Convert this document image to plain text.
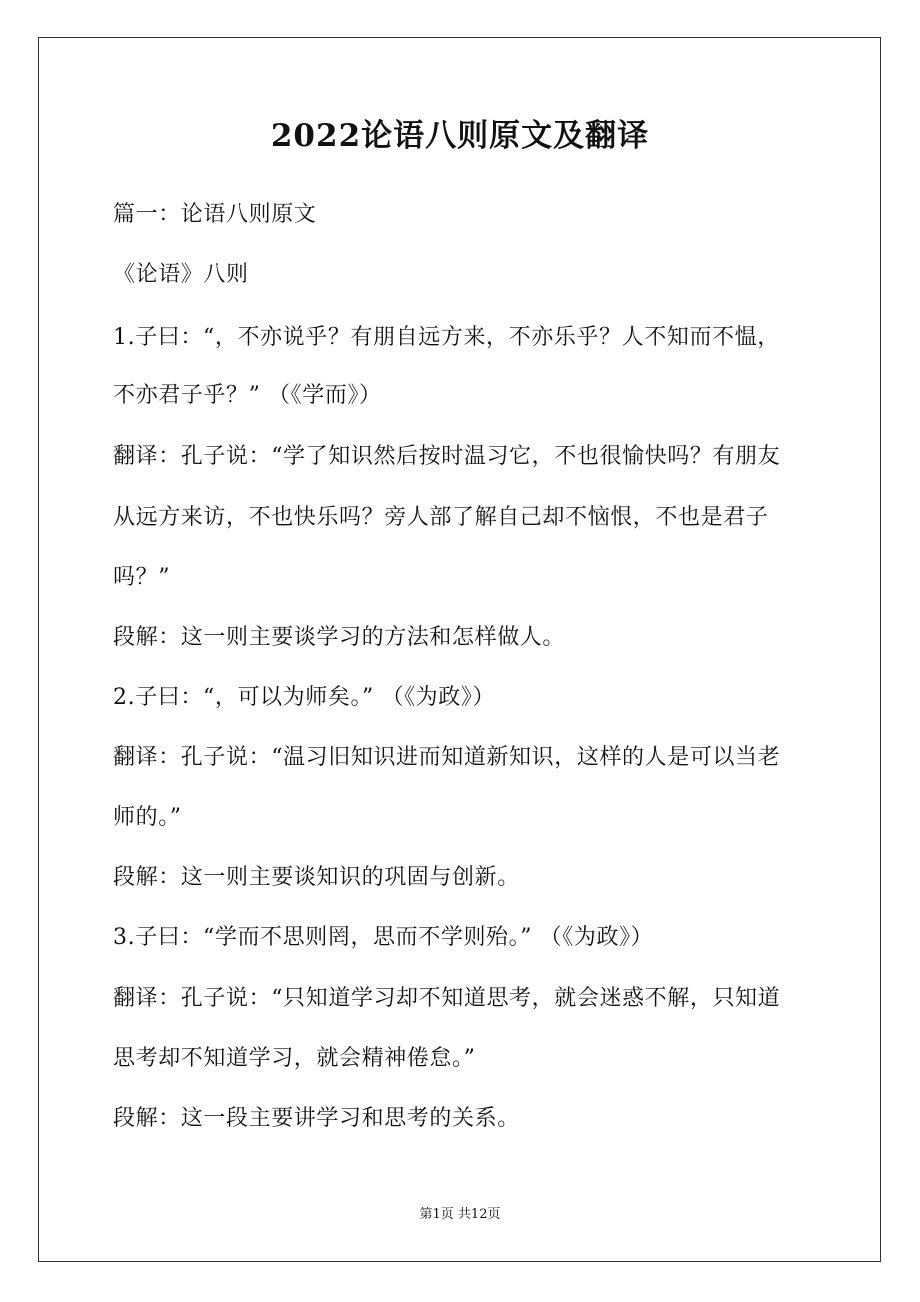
2022论语八则原文及翻译
篇一：论语八则原文
《论语》八则
1.子曰：“，不亦说乎？有朋自远方来，不亦乐乎？人不知而不愠，
不亦君子乎？” （《学而》）
翻译：孔子说：“学了知识然后按时温习它，不也很愉快吗？有朋友
从远方来访，不也快乐吗？旁人部了解自己却不恼恨，不也是君子
吗？”
段解：这一则主要谈学习的方法和怎样做人。
2.子曰：“，可以为师矣。” （《为政》）
翻译：孔子说：“温习旧知识进而知道新知识，这样的人是可以当老
师的。”
段解：这一则主要谈知识的巩固与创新。
3.子曰：“学而不思则罔，思而不学则殆。” （《为政》）
翻译：孔子说：“只知道学习却不知道思考，就会迷惑不解，只知道
思考却不知道学习，就会精神倦怠。”
段解：这一段主要讲学习和思考的关系。
第1页 共12页
